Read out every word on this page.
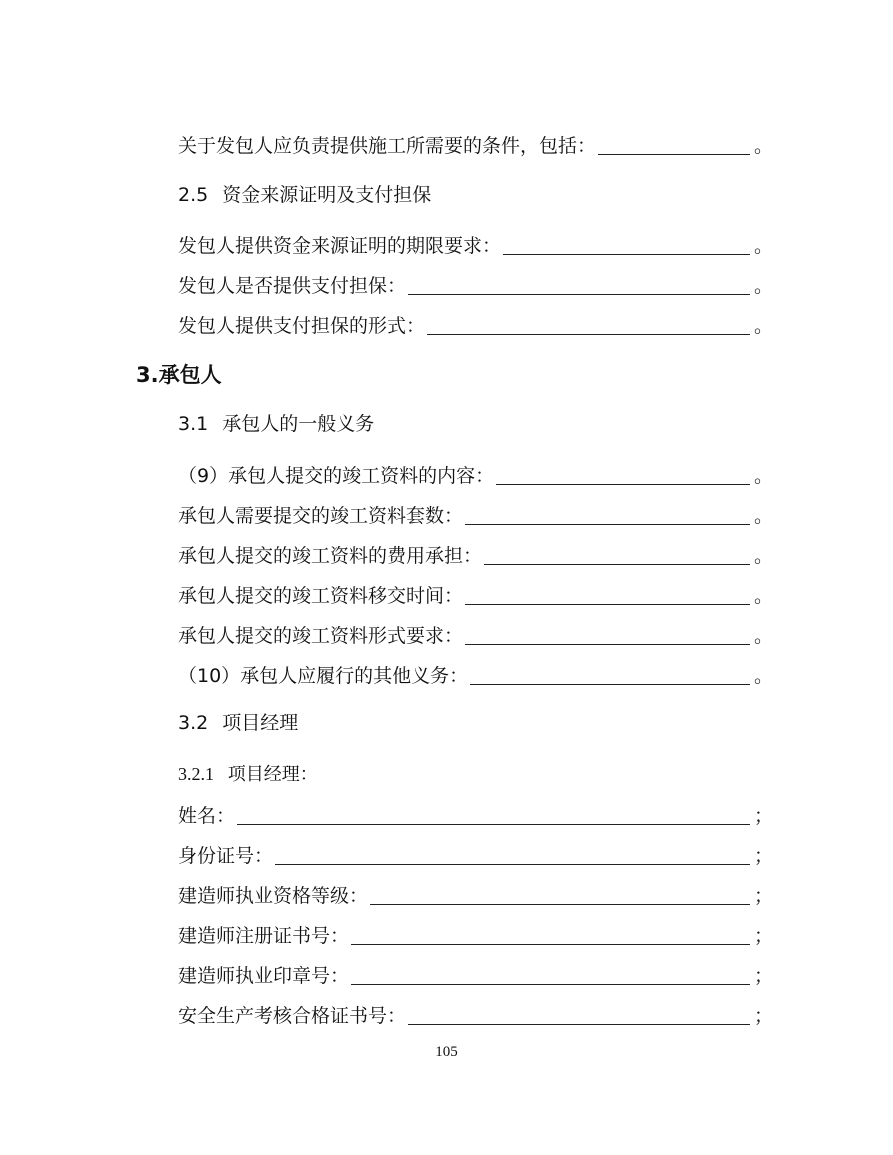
关于发包人应负责提供施工所需要的条件，包括：	。
2.5 资金来源证明及支付担保
发包人提供资金来源证明的期限要求：	。
发包人是否提供支付担保：	。
发包人提供支付担保的形式：	。
3.承包人
3.1 承包人的一般义务
（9）承包人提交的竣工资料的内容：	。
承包人需要提交的竣工资料套数：	。
承包人提交的竣工资料的费用承担：	。
承包人提交的竣工资料移交时间：	。
承包人提交的竣工资料形式要求：	。
（10）承包人应履行的其他义务：	。
3.2 项目经理
3.2.1 项目经理：
姓名：	；
身份证号：	；
建造师执业资格等级：	；
建造师注册证书号：	；
建造师执业印章号：	；
安全生产考核合格证书号：	；
105
